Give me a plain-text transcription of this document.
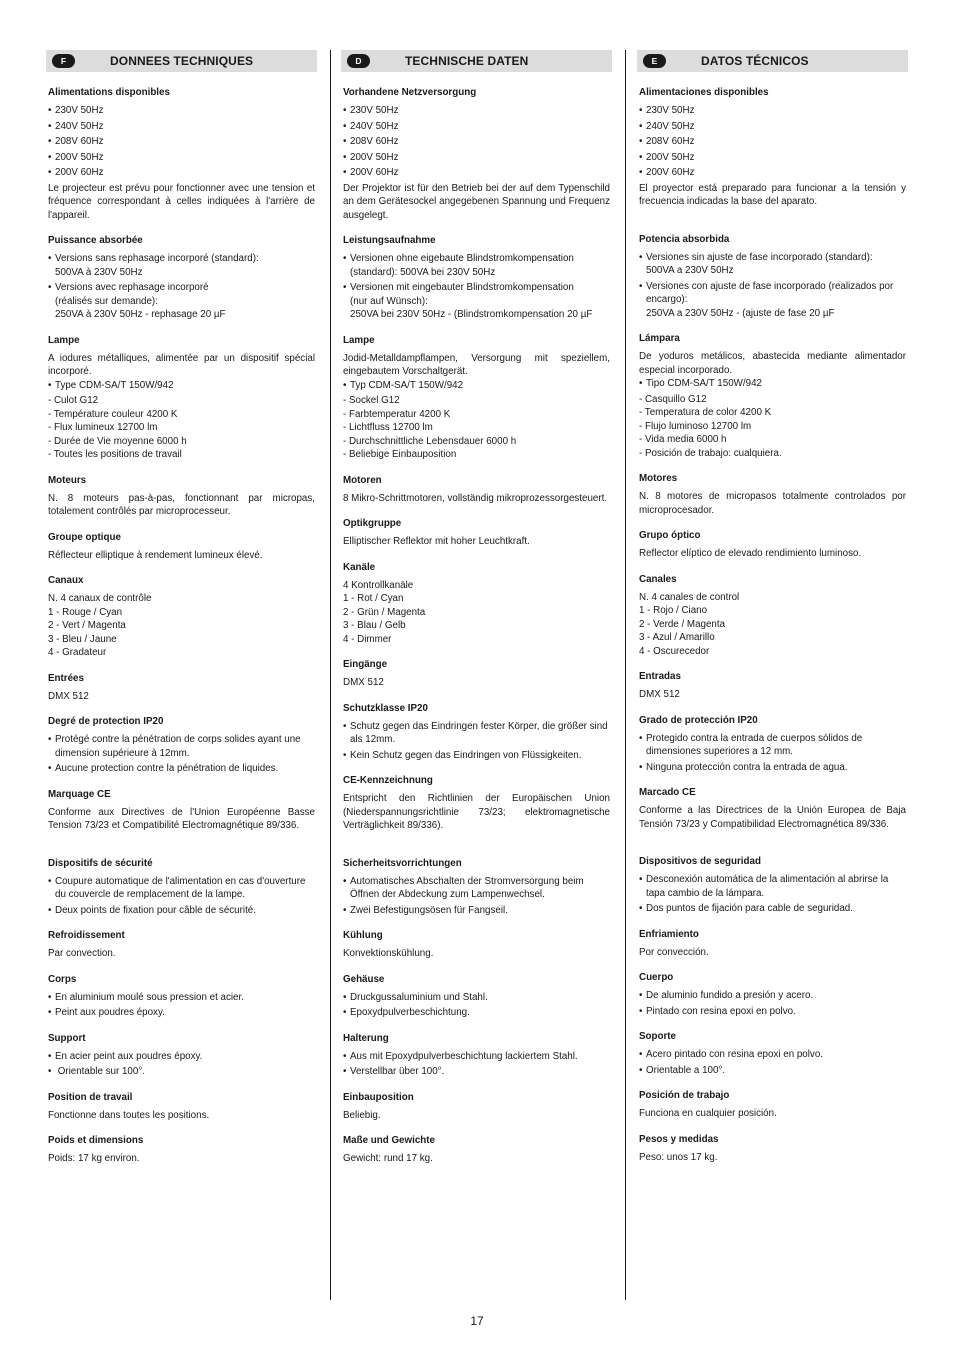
F	DONNEES TECHNIQUES
Alimentations disponibles
• 230V 50Hz
• 240V 50Hz
• 208V 60Hz
• 200V 50Hz
• 200V 60Hz
Le projecteur est prévu pour fonctionner avec une tension et fréquence correspondant à celles indiquées à l'arrière de l'appareil.
Puissance absorbée
• Versions sans rephasage incorporé (standard):
500VA à 230V 50Hz
• Versions avec rephasage incorporé
(réalisés sur demande):
250VA à 230V 50Hz - rephasage 20 µF
Lampe
A iodures métalliques, alimentée par un dispositif spécial incorporé.
• Type CDM-SA/T 150W/942
- Culot G12
- Température couleur 4200 K
- Flux lumineux 12700 lm
- Durée de Vie moyenne 6000 h
- Toutes les positions de travail
Moteurs
N. 8 moteurs pas-à-pas, fonctionnant par micropas, totalement contrôlés par microprocesseur.
Groupe optique
Réflecteur elliptique à rendement lumineux élevé.
Canaux
N. 4 canaux de contrôle
1 - Rouge / Cyan
2 - Vert / Magenta
3 - Bleu / Jaune
4 - Gradateur
Entrées
DMX 512
Degré de protection IP20
• Protégé contre la pénétration de corps solides ayant une dimension supérieure à 12mm.
• Aucune protection contre la pénétration de liquides.
Marquage CE
Conforme aux Directives de l'Union Européenne Basse Tension 73/23 et Compatibilité Electromagnétique 89/336.
Dispositifs de sécurité
• Coupure automatique de l'alimentation en cas d'ouverture du couvercle de remplacement de la lampe.
• Deux points de fixation pour câble de sécurité.
Refroidissement
Par convection.
Corps
• En aluminium moulé sous pression et acier.
• Peint aux poudres époxy.
Support
• En acier peint aux poudres époxy.
• Orientable sur 100°.
Position de travail
Fonctionne dans toutes les positions.
Poids et dimensions
Poids: 17 kg environ.
D	TECHNISCHE DATEN
Vorhandene Netzversorgung
• 230V 50Hz
• 240V 50Hz
• 208V 60Hz
• 200V 50Hz
• 200V 60Hz
Der Projektor ist für den Betrieb bei der auf dem Typenschild an dem Gerätesockel angegebenen Spannung und Frequenz ausgelegt.
Leistungsaufnahme
• Versionen ohne eigebaute Blindstromkompensation
(standard): 500VA bei 230V 50Hz
• Versionen mit eingebauter Blindstromkompensation
(nur auf Wünsch):
250VA bei 230V 50Hz - (Blindstromkompensation 20 µF
Lampe
Jodid-Metalldampflampen, Versorgung mit speziellem, eingebautem Vorschaltgerät.
• Typ CDM-SA/T 150W/942
- Sockel G12
- Farbtemperatur 4200 K
- Lichtfluss 12700 lm
- Durchschnittliche Lebensdauer 6000 h
- Beliebige Einbauposition
Motoren
8 Mikro-Schrittmotoren, vollständig mikroprozessorgesteuert.
Optikgruppe
Elliptischer Reflektor mit hoher Leuchtkraft.
Kanäle
4 Kontrollkanäle
1 - Rot / Cyan
2 - Grün / Magenta
3 - Blau / Gelb
4 - Dimmer
Eingänge
DMX 512
Schutzklasse IP20
• Schutz gegen das Eindringen fester Körper, die größer sind als 12mm.
• Kein Schutz gegen das Eindringen von Flüssigkeiten.
CE-Kennzeichnung
Entspricht den Richtlinien der Europäischen Union (Niederspannungsrichtlinie 73/23; elektromagnetische Verträglichkeit 89/336).
Sicherheitsvorrichtungen
• Automatisches Abschalten der Stromversorgung beim Öffnen der Abdeckung zum Lampenwechsel.
• Zwei Befestigungsösen für Fangseil.
Kühlung
Konvektionskühlung.
Gehäuse
• Druckgussaluminium und Stahl.
• Epoxydpulverbeschichtung.
Halterung
• Aus mit Epoxydpulverbeschichtung lackiertem Stahl.
• Verstellbar über 100°.
Einbauposition
Beliebig.
Maße und Gewichte
Gewicht: rund 17 kg.
E	DATOS TÉCNICOS
Alimentaciones disponibles
• 230V 50Hz
• 240V 50Hz
• 208V 60Hz
• 200V 50Hz
• 200V 60Hz
El proyector está preparado para funcionar a la tensión y frecuencia indicadas la base del aparato.
Potencia absorbida
• Versiones sin ajuste de fase incorporado (standard):
500VA a 230V 50Hz
• Versiones con ajuste de fase incorporado (realizados por encargo):
250VA a 230V 50Hz - (ajuste de fase 20 µF
Lámpara
De yoduros metálicos, abastecida mediante alimentador especial incorporado.
• Tipo CDM-SA/T 150W/942
- Casquillo G12
- Temperatura de color 4200 K
- Flujo luminoso 12700 lm
- Vida media 6000 h
- Posición de trabajo: cualquiera.
Motores
N. 8 motores de micropasos totalmente controlados por microprocesador.
Grupo óptico
Reflector elíptico de elevado rendimiento luminoso.
Canales
N. 4 canales de control
1 - Rojo / Ciano
2 - Verde / Magenta
3 - Azul / Amarillo
4 - Oscurecedor
Entradas
DMX 512
Grado de protección IP20
• Protegido contra la entrada de cuerpos sólidos de dimensiones superiores a 12 mm.
• Ninguna protección contra la entrada de agua.
Marcado CE
Conforme a las Directrices de la Unión Europea de Baja Tensión 73/23 y Compatibilidad Electromagnética 89/336.
Dispositivos de seguridad
• Desconexión automática de la alimentación al abrirse la tapa cambio de la lámpara.
• Dos puntos de fijación para cable de seguridad.
Enfriamiento
Por convección.
Cuerpo
• De aluminio fundido a presión y acero.
• Pintado con resina epoxi en polvo.
Soporte
• Acero pintado con resina epoxi en polvo.
• Orientable a 100°.
Posición de trabajo
Funciona en cualquier posición.
Pesos y medidas
Peso: unos 17 kg.
17
